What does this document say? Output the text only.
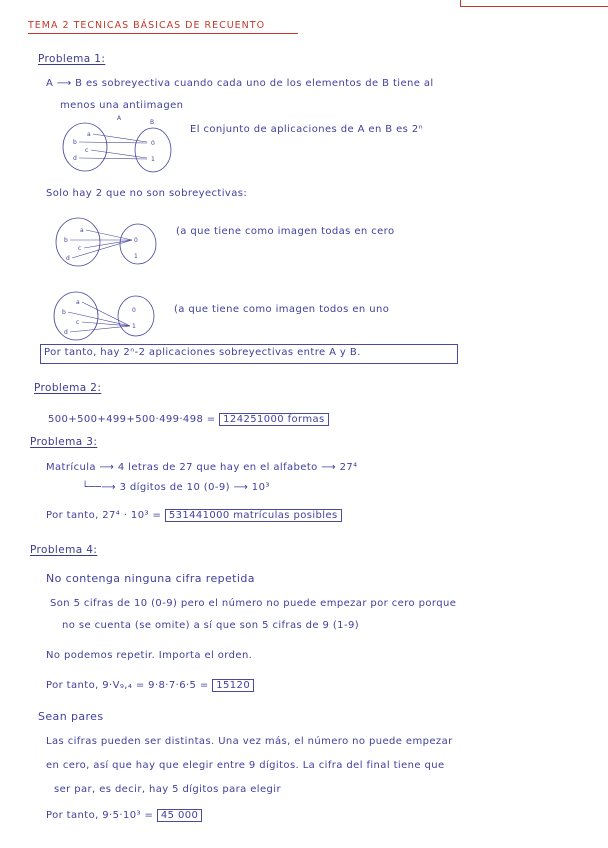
TEMA 2 TECNICAS BÁSICAS DE RECUENTO
Problema 1:
A ⟶ B es sobreyectiva cuando cada uno de los elementos de B tiene al
menos una antiimagen
A
B
a
b
c
d
0
1
El conjunto de aplicaciones de A en B es 2ⁿ
Solo hay 2 que no son sobreyectivas:
a
b
c
d
0
1
(a que tiene como imagen todas en cero
a
b
c
d
0
1
(a que tiene como imagen todos en uno
Por tanto, hay 2ⁿ-2 aplicaciones sobreyectivas entre A y B.
Problema 2:
500+500+499+500·499·498 = 124251000 formas
Problema 3:
Matrícula ⟶ 4 letras de 27 que hay en el alfabeto ⟶ 27⁴
└──⟶ 3 dígitos de 10 (0-9) ⟶ 10³
Por tanto, 27⁴ · 10³ = 531441000 matrículas posibles
Problema 4:
No contenga ninguna cifra repetida
Son 5 cifras de 10 (0-9) pero el número no puede empezar por cero porque
no se cuenta (se omite) a sí que son 5 cifras de 9 (1-9)
No podemos repetir. Importa el orden.
Por tanto, 9·V₉,₄ = 9·8·7·6·5 = 15120
Sean pares
Las cifras pueden ser distintas. Una vez más, el número no puede empezar
en cero, así que hay que elegir entre 9 dígitos. La cifra del final tiene que
ser par, es decir, hay 5 dígitos para elegir
Por tanto, 9·5·10³ = 45 000
